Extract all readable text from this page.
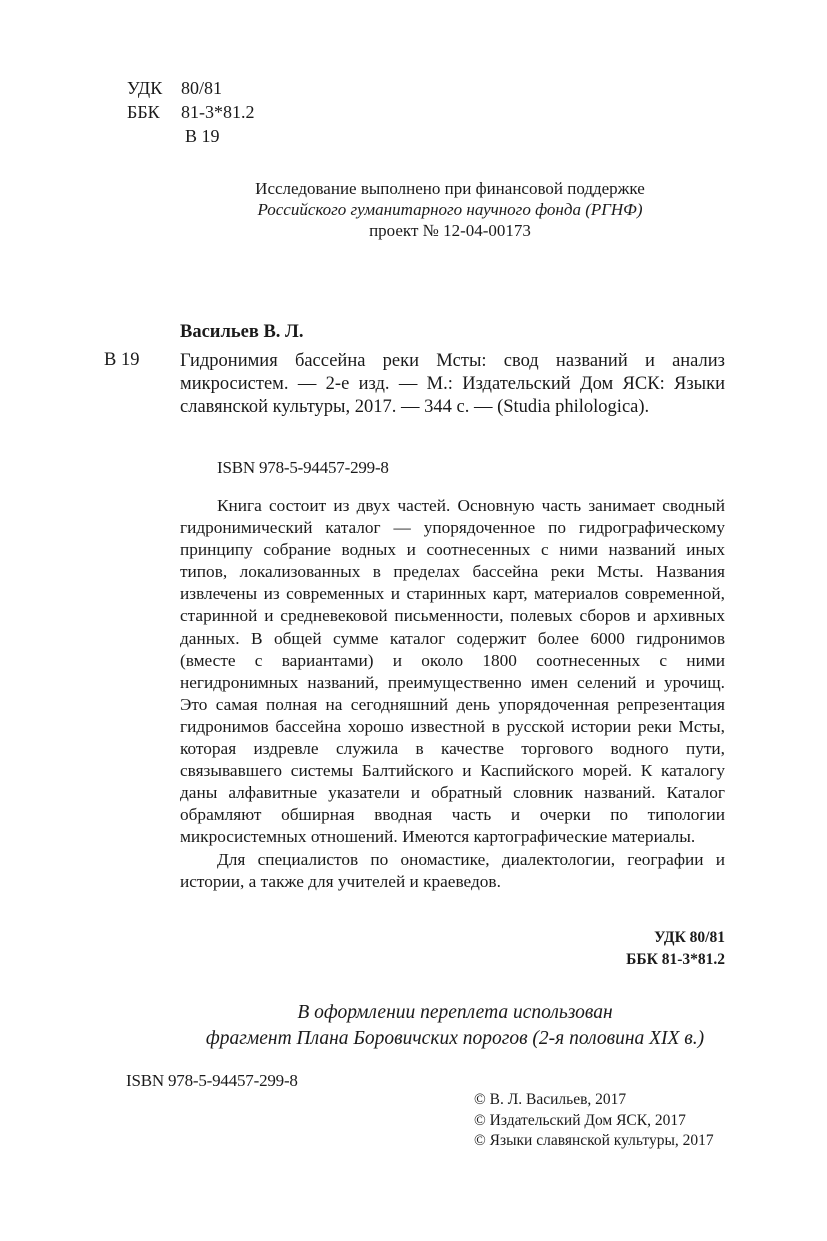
УДК	80/81
ББК	81-3*81.2
В 19
Исследование выполнено при финансовой поддержке
Российского гуманитарного научного фонда (РГНФ)
проект № 12-04-00173
Васильев В. Л.
В 19 Гидронимия бассейна реки Мсты: свод названий и анализ микросистем. — 2-е изд. — М.: Издательский Дом ЯСК: Языки славянской культуры, 2017. — 344 с. — (Studia philologica).
ISBN 978-5-94457-299-8

Книга состоит из двух частей. Основную часть занимает сводный гидронимический каталог — упорядоченное по гидрографическому принципу собрание водных и соотнесенных с ними названий иных типов, локализованных в пределах бассейна реки Мсты. Названия извлечены из современных и старинных карт, материалов современной, старинной и средневековой письменности, полевых сборов и архивных данных. В общей сумме каталог содержит более 6000 гидронимов (вместе с вариантами) и около 1800 соотнесенных с ними негидронимных названий, преимущественно имен селений и урочищ. Это самая полная на сегодняшний день упорядоченная репрезентация гидронимов бассейна хорошо известной в русской истории реки Мсты, которая издревле служила в качестве торгового водного пути, связывавшего системы Балтийского и Каспийского морей. К каталогу даны алфавитные указатели и обратный словник названий. Каталог обрамляют обширная вводная часть и очерки по типологии микросистемных отношений. Имеются картографические материалы.

Для специалистов по ономастике, диалектологии, географии и истории, а также для учителей и краеведов.

УДК 80/81
ББК 81-3*81.2
В оформлении переплета использован
фрагмент Плана Боровичских порогов (2-я половина XIX в.)
ISBN 978-5-94457-299-8
© В. Л. Васильев, 2017
© Издательский Дом ЯСК, 2017
© Языки славянской культуры, 2017
